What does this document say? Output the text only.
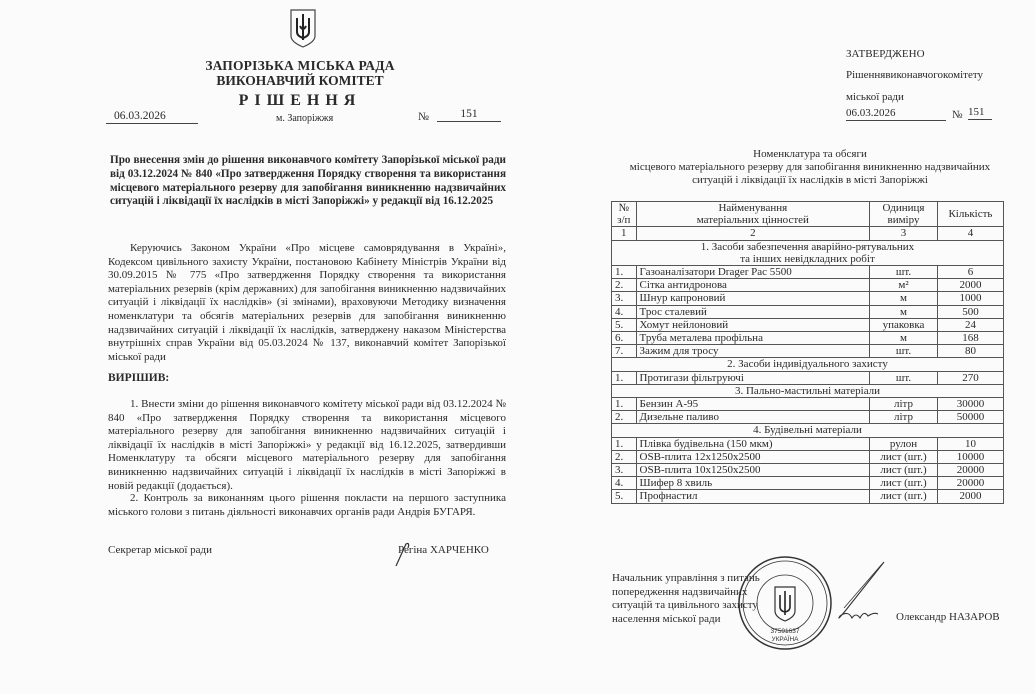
ЗАПОРІЗЬКА МІСЬКА РАДА
ВИКОНАВЧИЙ КОМІТЕТ
РІШЕННЯ
06.03.2026	м. Запоріжжя	№	151
Про внесення змін до рішення виконавчого комітету Запорізької міської ради від 03.12.2024 № 840 «Про затвердження Порядку створення та використання місцевого матеріального резерву для запобігання виникненню надзвичайних ситуацій і ліквідації їх наслідків в місті Запоріжжі» у редакції від 16.12.2025
Керуючись Законом України «Про місцеве самоврядування в Україні», Кодексом цивільного захисту України, постановою Кабінету Міністрів України від 30.09.2015 № 775 «Про затвердження Порядку створення та використання матеріальних резервів (крім державних) для запобігання виникненню надзвичайних ситуацій і ліквідації їх наслідків» (зі змінами), враховуючи Методику визначення номенклатури та обсягів матеріальних резервів для запобігання виникненню надзвичайних ситуацій і ліквідації їх наслідків, затверджену наказом Міністерства внутрішніх справ України від 05.03.2024 № 137, виконавчий комітет Запорізької міської ради
ВИРІШИВ:
1. Внести зміни до рішення виконавчого комітету міської ради від 03.12.2024 № 840 «Про затвердження Порядку створення та використання місцевого матеріального резерву для запобігання виникненню надзвичайних ситуацій і ліквідації їх наслідків в місті Запоріжжі» у редакції від 16.12.2025, затвердивши Номенклатуру та обсяги місцевого матеріального резерву для запобігання виникненню надзвичайних ситуацій і ліквідації їх наслідків в місті Запоріжжі в новій редакції (додається).
2. Контроль за виконанням цього рішення покласти на першого заступника міського голови з питань діяльності виконавчих органів ради Андрія БУГАРЯ.
Секретар міської ради	Регіна ХАРЧЕНКО
ЗАТВЕРДЖЕНО
Рішення виконавчого комітету
міської ради
06.03.2026	№ 151
Номенклатура та обсяги
місцевого матеріального резерву для запобігання виникненню надзвичайних
ситуацій і ліквідації їх наслідків в місті Запоріжжі
№
з/п

Найменування
матеріальних цінностей

Одиниця
виміру
	Кількість
1	2	3	4

1. Засоби забезпечення аварійно-рятувальних
та інших невідкладних робіт			

1.	Газоаналізатори Drager Pac 5500	шт.	6
2.	Сітка антидронова	м²	2000
3.	Шнур капроновий	м	1000
4.	Трос сталевий	м	500
5.	Хомут нейлоновий	упаковка	24
6.	Труба металева профільна	м	168
7.	Зажим для тросу	шт.	80
2. Засоби індивідуального захисту			
1.	Протигази фільтруючі	шт.	270
3. Пально-мастильні матеріали			
1.	Бензин А-95	літр	30000
2.	Дизельне паливо	літр	50000
4. Будівельні матеріали			
1.	Плівка будівельна (150 мкм)	рулон	10
2.	OSB-плита 12x1250x2500	лист (шт.)	10000
3.	OSB-плита 10x1250x2500	лист (шт.)	20000
4.	Шифер 8 хвиль	лист (шт.)	20000
5.	Профнастил	лист (шт.)	2000
Начальник управління з питань
попередження надзвичайних
ситуацій та цивільного захисту
населення міської ради
37591637
УКРАЇНА
Олександр НАЗАРОВ
